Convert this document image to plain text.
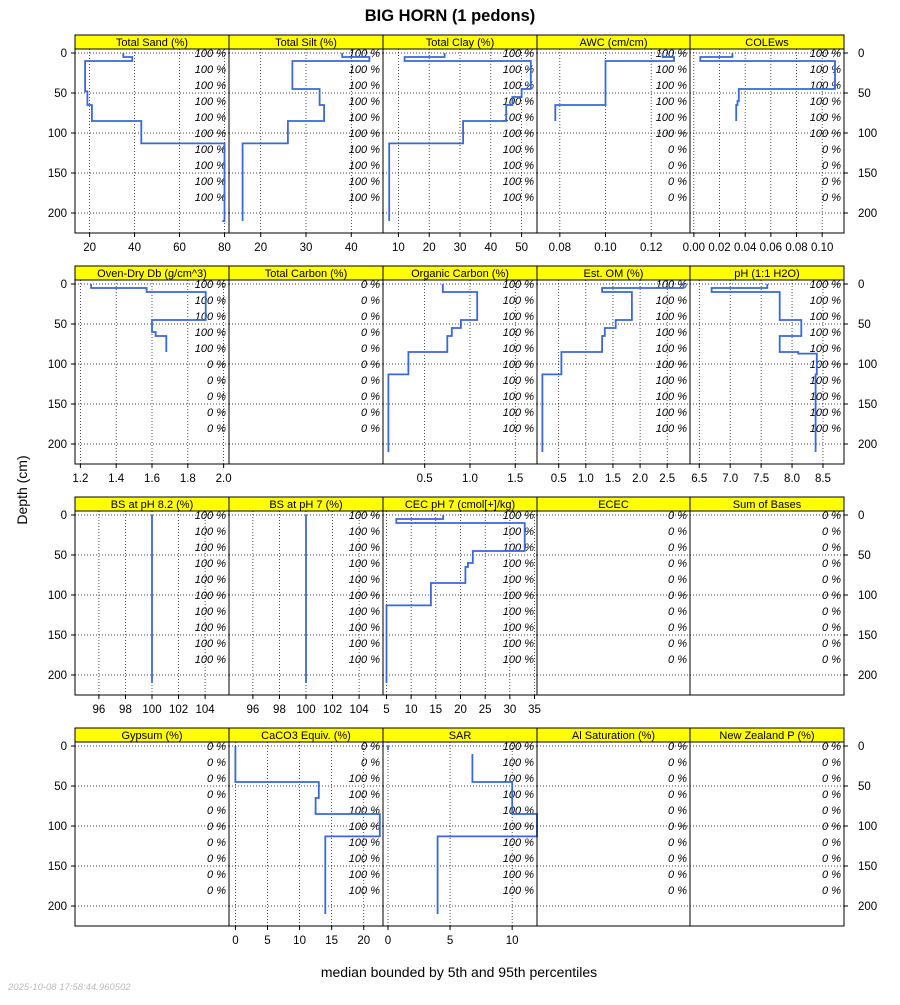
BIG HORN (1 pedons)
Depth (cm)
median bounded by 5th and 95th percentiles
2025-10-08 17:58:44.960502
Total Sand (%)
100 %
100 %
100 %
100 %
100 %
100 %
100 %
100 %
100 %
100 %
20	40	60	80
Total Silt (%)
100 %
100 %
100 %
100 %
100 %
100 %
100 %
100 %
100 %
100 %
20	30	40
Total Clay (%)
100 %
100 %
100 %
100 %
100 %
100 %
100 %
100 %
100 %
100 %
10 20 30 40 50
AWC (cm/cm)
100 %
100 %
100 %
100 %
100 %
100 %
0 %
0 %
0 %
0 %
0.08 0.10 0.12
COLEws
100 %
100 %
100 %
100 %
100 %
100 %
0 %
0 %
0 %
0 %
0.00 0.02 0.04 0.06 0.08 0.10
Oven-Dry Db (g/cm^3)
100 %
100 %
100 %
100 %
100 %
0 %
0 %
0 %
0 %
0 %
1.2 1.4 1.6 1.8 2.0
Total Carbon (%)
0 %
0 %
0 %
0 %
0 %
0 %
0 %
0 %
0 %
0 %
Organic Carbon (%)
100 %
100 %
100 %
100 %
100 %
100 %
100 %
100 %
100 %
100 %
0.5	1.0	1.5
Est. OM (%)
100 %
100 %
100 %
100 %
100 %
100 %
100 %
100 %
100 %
100 %
0.5 1.0 1.5 2.0 2.5
pH (1:1 H2O)
100 %
100 %
100 %
100 %
100 %
100 %
100 %
100 %
100 %
100 %
6.5 7.0 7.5 8.0 8.5
BS at pH 8.2 (%)
100 %
100 %
100 %
100 %
100 %
100 %
100 %
100 %
100 %
100 %
96 98 100 102 104
BS at pH 7 (%)
100 %
100 %
100 %
100 %
100 %
100 %
100 %
100 %
100 %
100 %
96 98 100 102 104
CEC pH 7 (cmol[+]/kg)
100 %
100 %
100 %
100 %
100 %
100 %
100 %
100 %
100 %
100 %
5 10 15 20 25 30 35
ECEC
0 %
0 %
0 %
0 %
0 %
0 %
0 %
0 %
0 %
0 %
Sum of Bases
0 %
0 %
0 %
0 %
0 %
0 %
0 %
0 %
0 %
0 %
Gypsum (%)
0 %
0 %
0 %
0 %
0 %
0 %
0 %
0 %
0 %
0 %
CaCO3 Equiv. (%)
0 %
0 %
100 %
100 %
100 %
100 %
100 %
100 %
100 %
100 %
0 5 10 15 20
SAR
100 %
100 %
100 %
100 %
100 %
100 %
100 %
100 %
100 %
100 %
0	5	10
Al Saturation (%)
0 %
0 %
0 %
0 %
0 %
0 %
0 %
0 %
0 %
0 %
New Zealand P (%)
0 %
0 %
0 %
0 %
0 %
0 %
0 %
0 %
0 %
0 %
0	0
50	50
100	100
150	150
200	200
0	0
50	50
100	100
150	150
200	200
0	0
50	50
100	100
150	150
200	200
0	0
50	50
100	100
150	150
200	200
